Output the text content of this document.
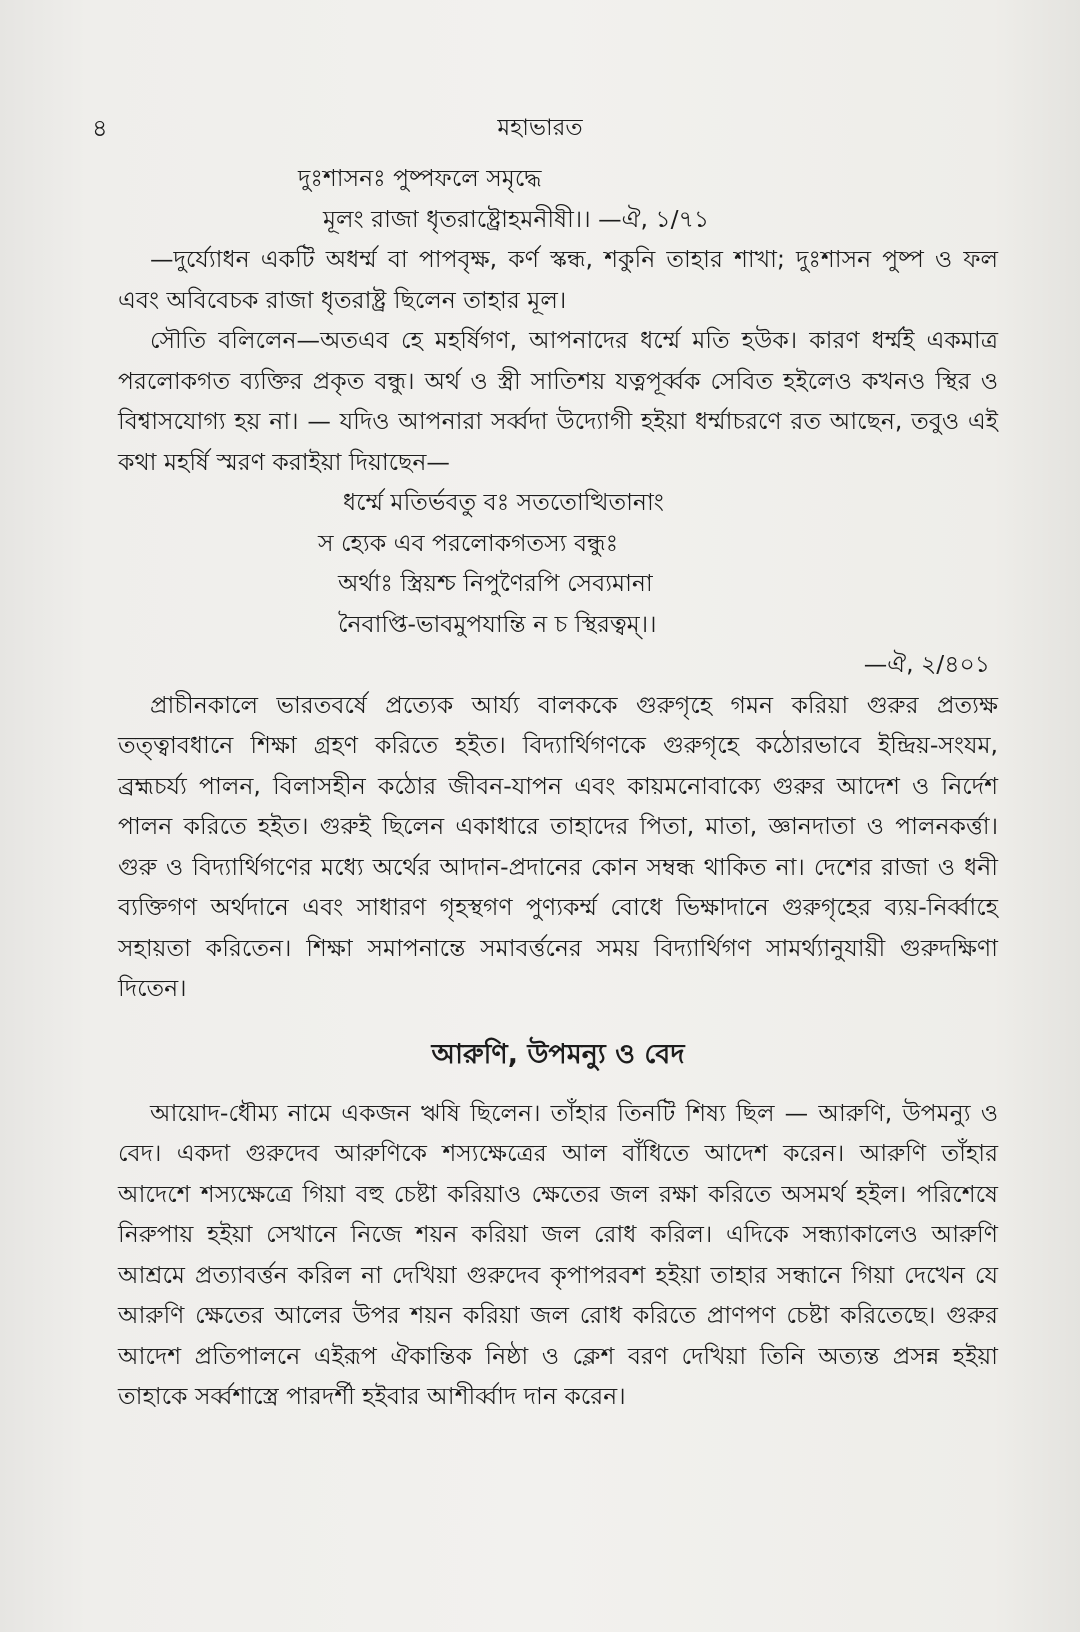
৪	মহাভারত
দুঃশাসনঃ পুষ্পফলে সমৃদ্ধে
মূলং রাজা ধৃতরাষ্ট্রোহমনীষী।। —ঐ, ১/৭১

—দুর্য্যোধন একটি অধর্ম্ম বা পাপবৃক্ষ, কর্ণ স্কন্ধ, শকুনি তাহার শাখা; দুঃশাসন পুষ্প ও ফল এবং অবিবেচক রাজা ধৃতরাষ্ট্র ছিলেন তাহার মূল।

সৌতি বলিলেন—অতএব হে মহর্ষিগণ, আপনাদের ধর্ম্মে মতি হউক। কারণ ধর্ম্মই একমাত্র পরলোকগত ব্যক্তির প্রকৃত বন্ধু। অর্থ ও স্ত্রী সাতিশয় যত্নপূর্ব্বক সেবিত হইলেও কখনও স্থির ও বিশ্বাসযোগ্য হয় না। — যদিও আপনারা সর্ব্বদা উদ্যোগী হইয়া ধর্ম্মাচরণে রত আছেন, তবুও এই কথা মহর্ষি স্মরণ করাইয়া দিয়াছেন—

ধর্ম্মে মতির্ভবতু বঃ সততোত্থিতানাং
স হ্যেক এব পরলোকগতস্য বন্ধুঃ
অর্থাঃ স্ত্রিয়শ্চ নিপুণৈরপি সেব্যমানা
নৈবাপ্তি-ভাবমুপযান্তি ন চ স্থিরত্বম্।।
—ঐ, ২/৪০১

প্রাচীনকালে ভারতবর্ষে প্রত্যেক আর্য্য বালককে গুরুগৃহে গমন করিয়া গুরুর প্রত্যক্ষ তত্ত্বাবধানে শিক্ষা গ্রহণ করিতে হইত। বিদ্যার্থিগণকে গুরুগৃহে কঠোরভাবে ইন্দ্রিয়-সংযম, ব্রহ্মচর্য্য পালন, বিলাসহীন কঠোর জীবন-যাপন এবং কায়মনোবাক্যে গুরুর আদেশ ও নির্দেশ পালন করিতে হইত। গুরুই ছিলেন একাধারে তাহাদের পিতা, মাতা, জ্ঞানদাতা ও পালনকর্ত্তা। গুরু ও বিদ্যার্থিগণের মধ্যে অর্থের আদান-প্রদানের কোন সম্বন্ধ থাকিত না। দেশের রাজা ও ধনী ব্যক্তিগণ অর্থদানে এবং সাধারণ গৃহস্থগণ পুণ্যকর্ম্ম বোধে ভিক্ষাদানে গুরুগৃহের ব্যয়-নির্ব্বাহে সহায়তা করিতেন। শিক্ষা সমাপনান্তে সমাবর্ত্তনের সময় বিদ্যার্থিগণ সামর্থ্যানুযায়ী গুরুদক্ষিণা দিতেন।

আরুণি, উপমন্যু ও বেদ

আয়োদ-ধৌম্য নামে একজন ঋষি ছিলেন। তাঁহার তিনটি শিষ্য ছিল — আরুণি, উপমন্যু ও বেদ। একদা গুরুদেব আরুণিকে শস্যক্ষেত্রের আল বাঁধিতে আদেশ করেন। আরুণি তাঁহার আদেশে শস্যক্ষেত্রে গিয়া বহু চেষ্টা করিয়াও ক্ষেতের জল রক্ষা করিতে অসমর্থ হইল। পরিশেষে নিরুপায় হইয়া সেখানে নিজে শয়ন করিয়া জল রোধ করিল। এদিকে সন্ধ্যাকালেও আরুণি আশ্রমে প্রত্যাবর্ত্তন করিল না দেখিয়া গুরুদেব কৃপাপরবশ হইয়া তাহার সন্ধানে গিয়া দেখেন যে আরুণি ক্ষেতের আলের উপর শয়ন করিয়া জল রোধ করিতে প্রাণপণ চেষ্টা করিতেছে। গুরুর আদেশ প্রতিপালনে এইরূপ ঐকান্তিক নিষ্ঠা ও ক্লেশ বরণ দেখিয়া তিনি অত্যন্ত প্রসন্ন হইয়া তাহাকে সর্ব্বশাস্ত্রে পারদর্শী হইবার আশীর্ব্বাদ দান করেন।
